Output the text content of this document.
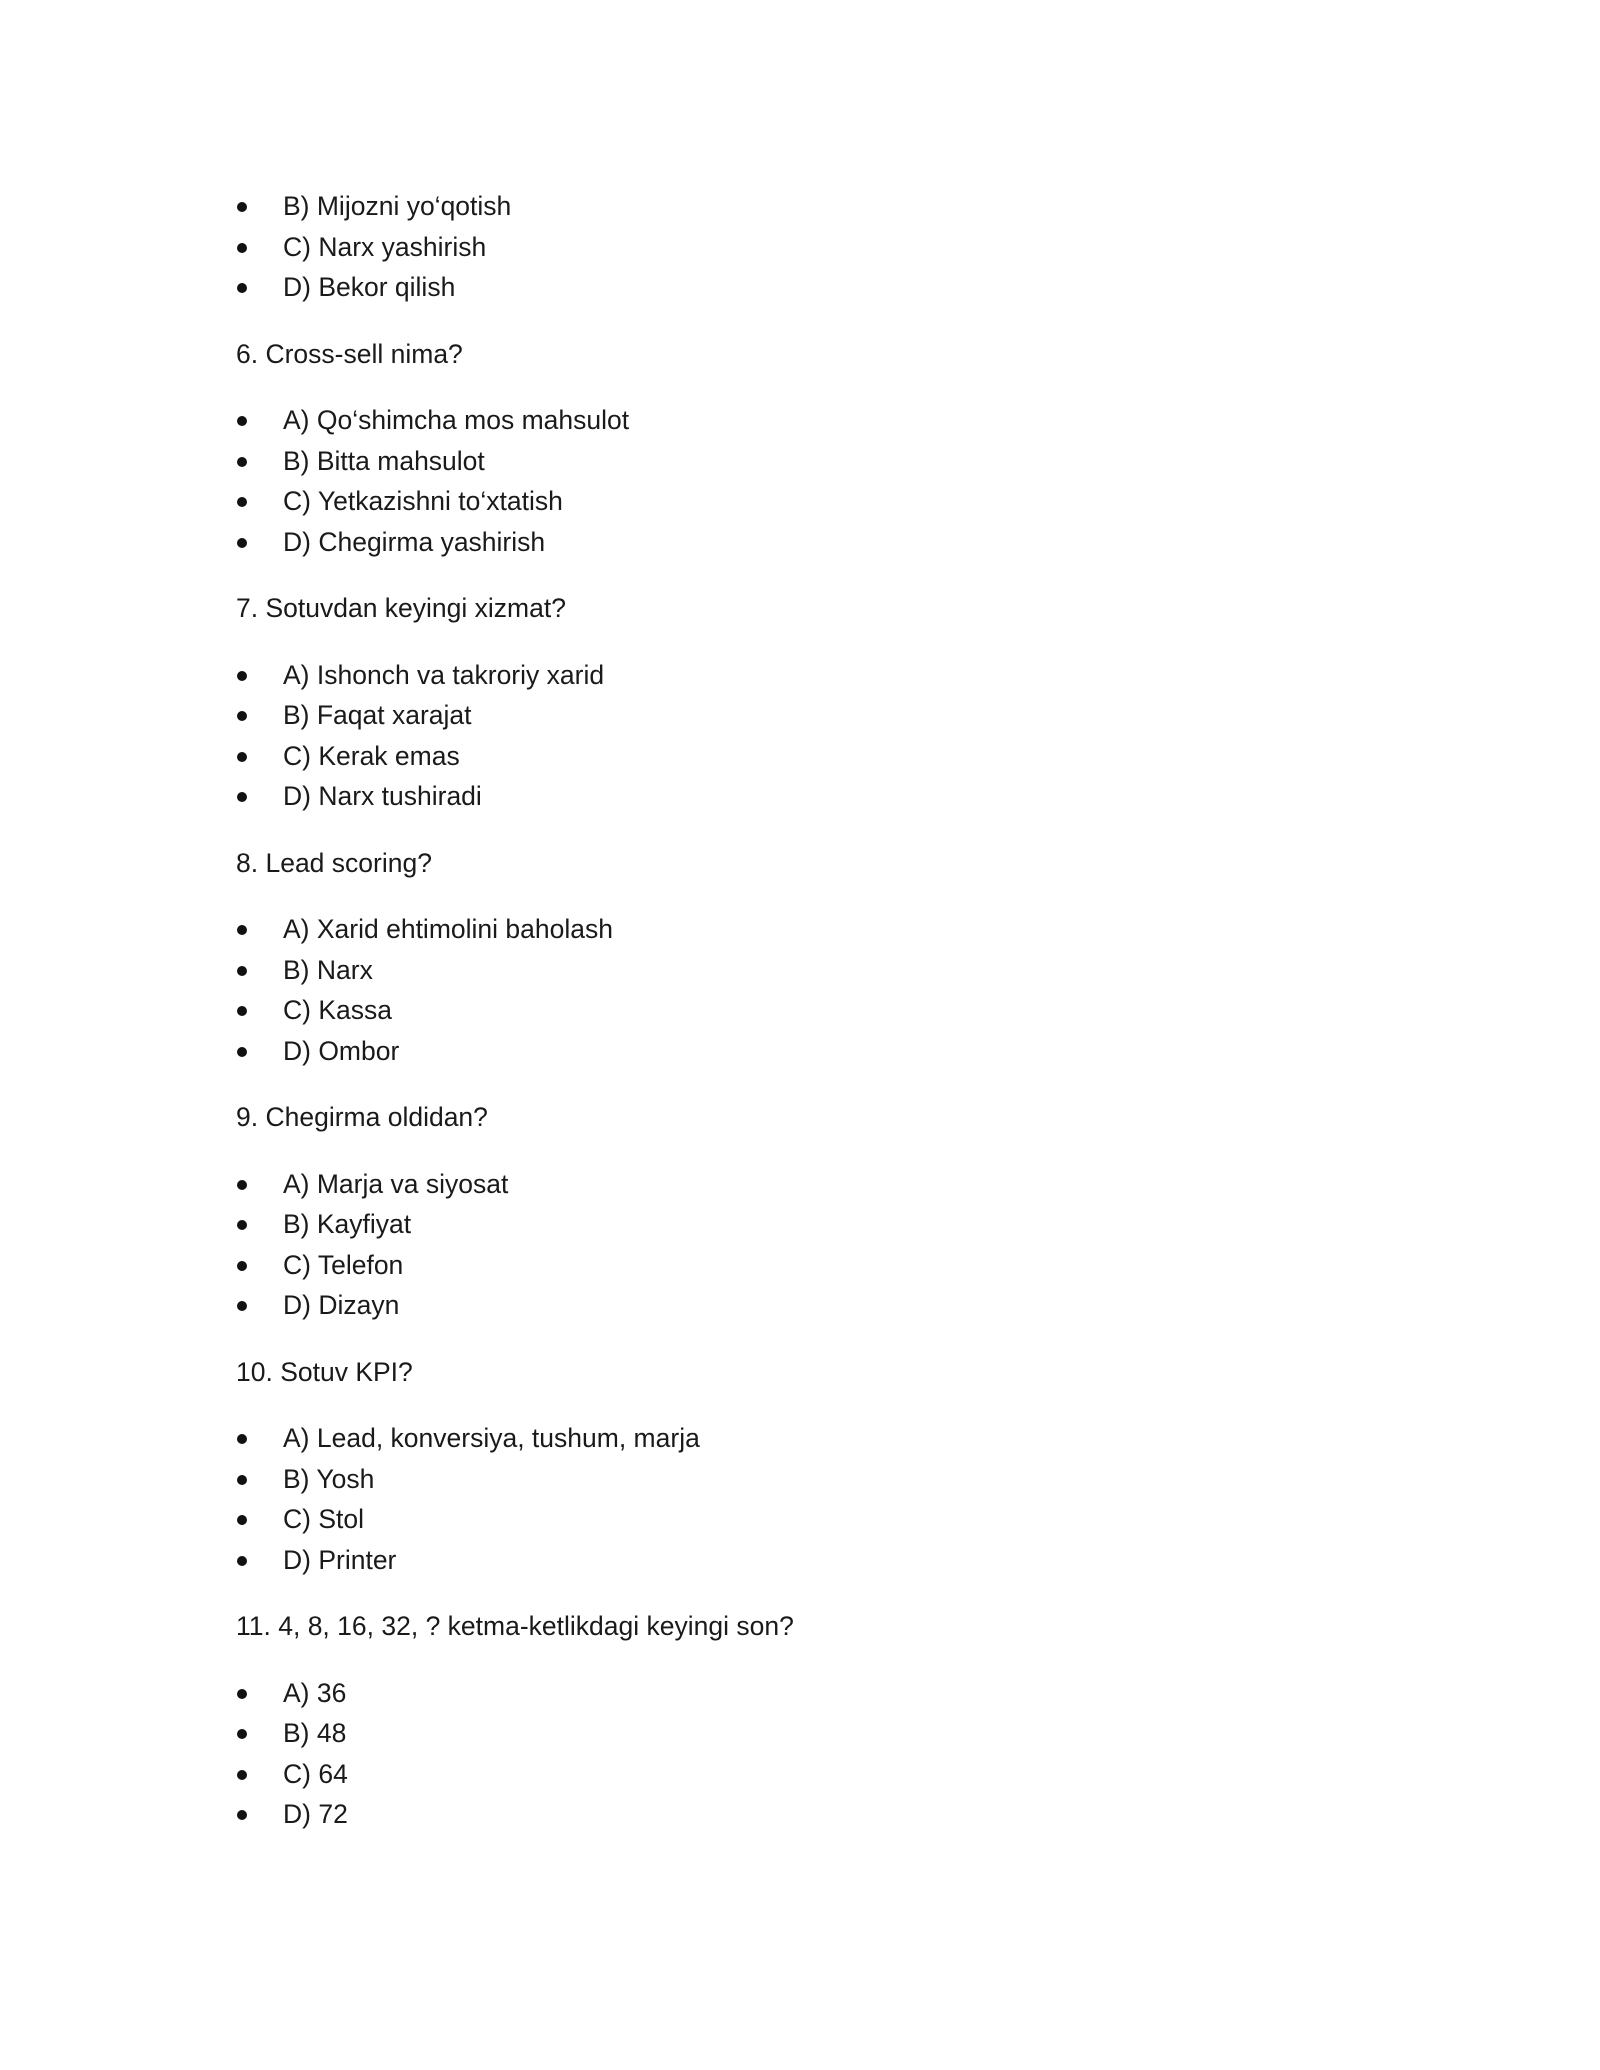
B) Mijozni yo‘qotish
C) Narx yashirish
D) Bekor qilish
6. Cross-sell nima?
A) Qo‘shimcha mos mahsulot
B) Bitta mahsulot
C) Yetkazishni to‘xtatish
D) Chegirma yashirish
7. Sotuvdan keyingi xizmat?
A) Ishonch va takroriy xarid
B) Faqat xarajat
C) Kerak emas
D) Narx tushiradi
8. Lead scoring?
A) Xarid ehtimolini baholash
B) Narx
C) Kassa
D) Ombor
9. Chegirma oldidan?
A) Marja va siyosat
B) Kayfiyat
C) Telefon
D) Dizayn
10. Sotuv KPI?
A) Lead, konversiya, tushum, marja
B) Yosh
C) Stol
D) Printer
11. 4, 8, 16, 32, ? ketma-ketlikdagi keyingi son?
A) 36
B) 48
C) 64
D) 72
